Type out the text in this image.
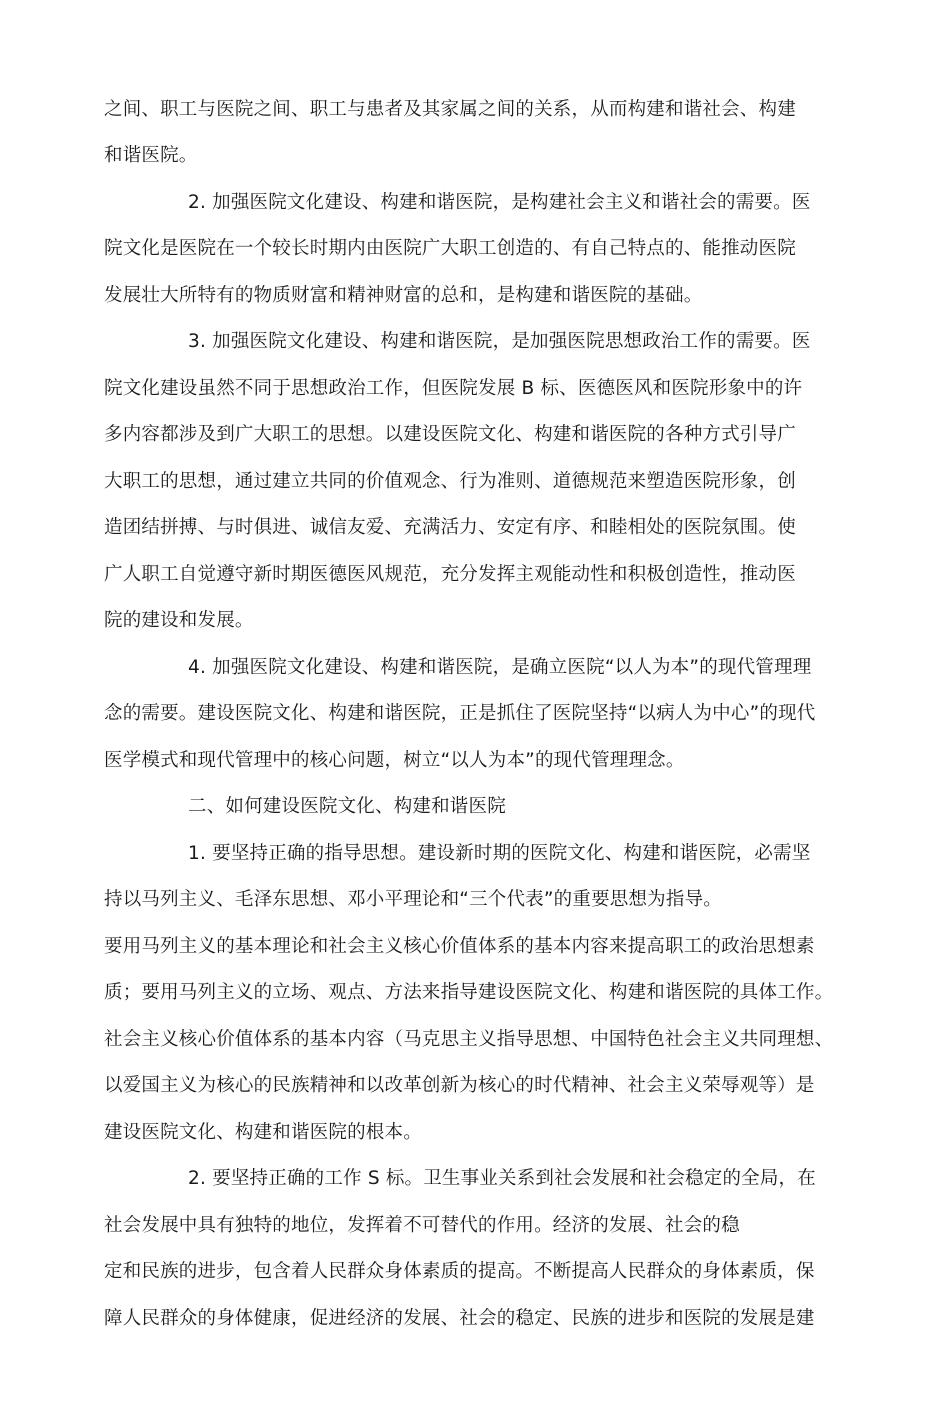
之间、职工与医院之间、职工与患者及其家属之间的关系，从而构建和谐社会、构建
和谐医院。
2. 加强医院文化建设、构建和谐医院，是构建社会主义和谐社会的需要。医
院文化是医院在一个较长时期内由医院广大职工创造的、有自己特点的、能推动医院
发展壮大所特有的物质财富和精神财富的总和，是构建和谐医院的基础。
3. 加强医院文化建设、构建和谐医院，是加强医院思想政治工作的需要。医
院文化建设虽然不同于思想政治工作，但医院发展 B 标、医德医风和医院形象中的许
多内容都涉及到广大职工的思想。以建设医院文化、构建和谐医院的各种方式引导广
大职工的思想，通过建立共同的价值观念、行为准则、道德规范来塑造医院形象，创
造团结拼搏、与时俱进、诚信友爱、充满活力、安定有序、和睦相处的医院氛围。使
广人职工自觉遵守新时期医德医风规范，充分发挥主观能动性和积极创造性，推动医
院的建设和发展。
4. 加强医院文化建设、构建和谐医院，是确立医院“以人为本”的现代管理理
念的需要。建设医院文化、构建和谐医院，正是抓住了医院坚持“以病人为中心”的现代
医学模式和现代管理中的核心问题，树立“以人为本”的现代管理理念。
二、如何建设医院文化、构建和谐医院
1. 要坚持正确的指导思想。建设新时期的医院文化、构建和谐医院，必需坚
持以马列主义、毛泽东思想、邓小平理论和“三个代表”的重要思想为指导。
要用马列主义的基本理论和社会主义核心价值体系的基本内容来提高职工的政治思想素
质；要用马列主义的立场、观点、方法来指导建设医院文化、构建和谐医院的具体工作。
社会主义核心价值体系的基本内容（马克思主义指导思想、中国特色社会主义共同理想、
以爱国主义为核心的民族精神和以改革创新为核心的时代精神、社会主义荣辱观等）是
建设医院文化、构建和谐医院的根本。
2. 要坚持正确的工作 S 标。卫生事业关系到社会发展和社会稳定的全局，在
社会发展中具有独特的地位，发挥着不可替代的作用。经济的发展、社会的稳
定和民族的进步，包含着人民群众身体素质的提高。不断提高人民群众的身体素质，保
障人民群众的身体健康，促进经济的发展、社会的稳定、民族的进步和医院的发展是建
